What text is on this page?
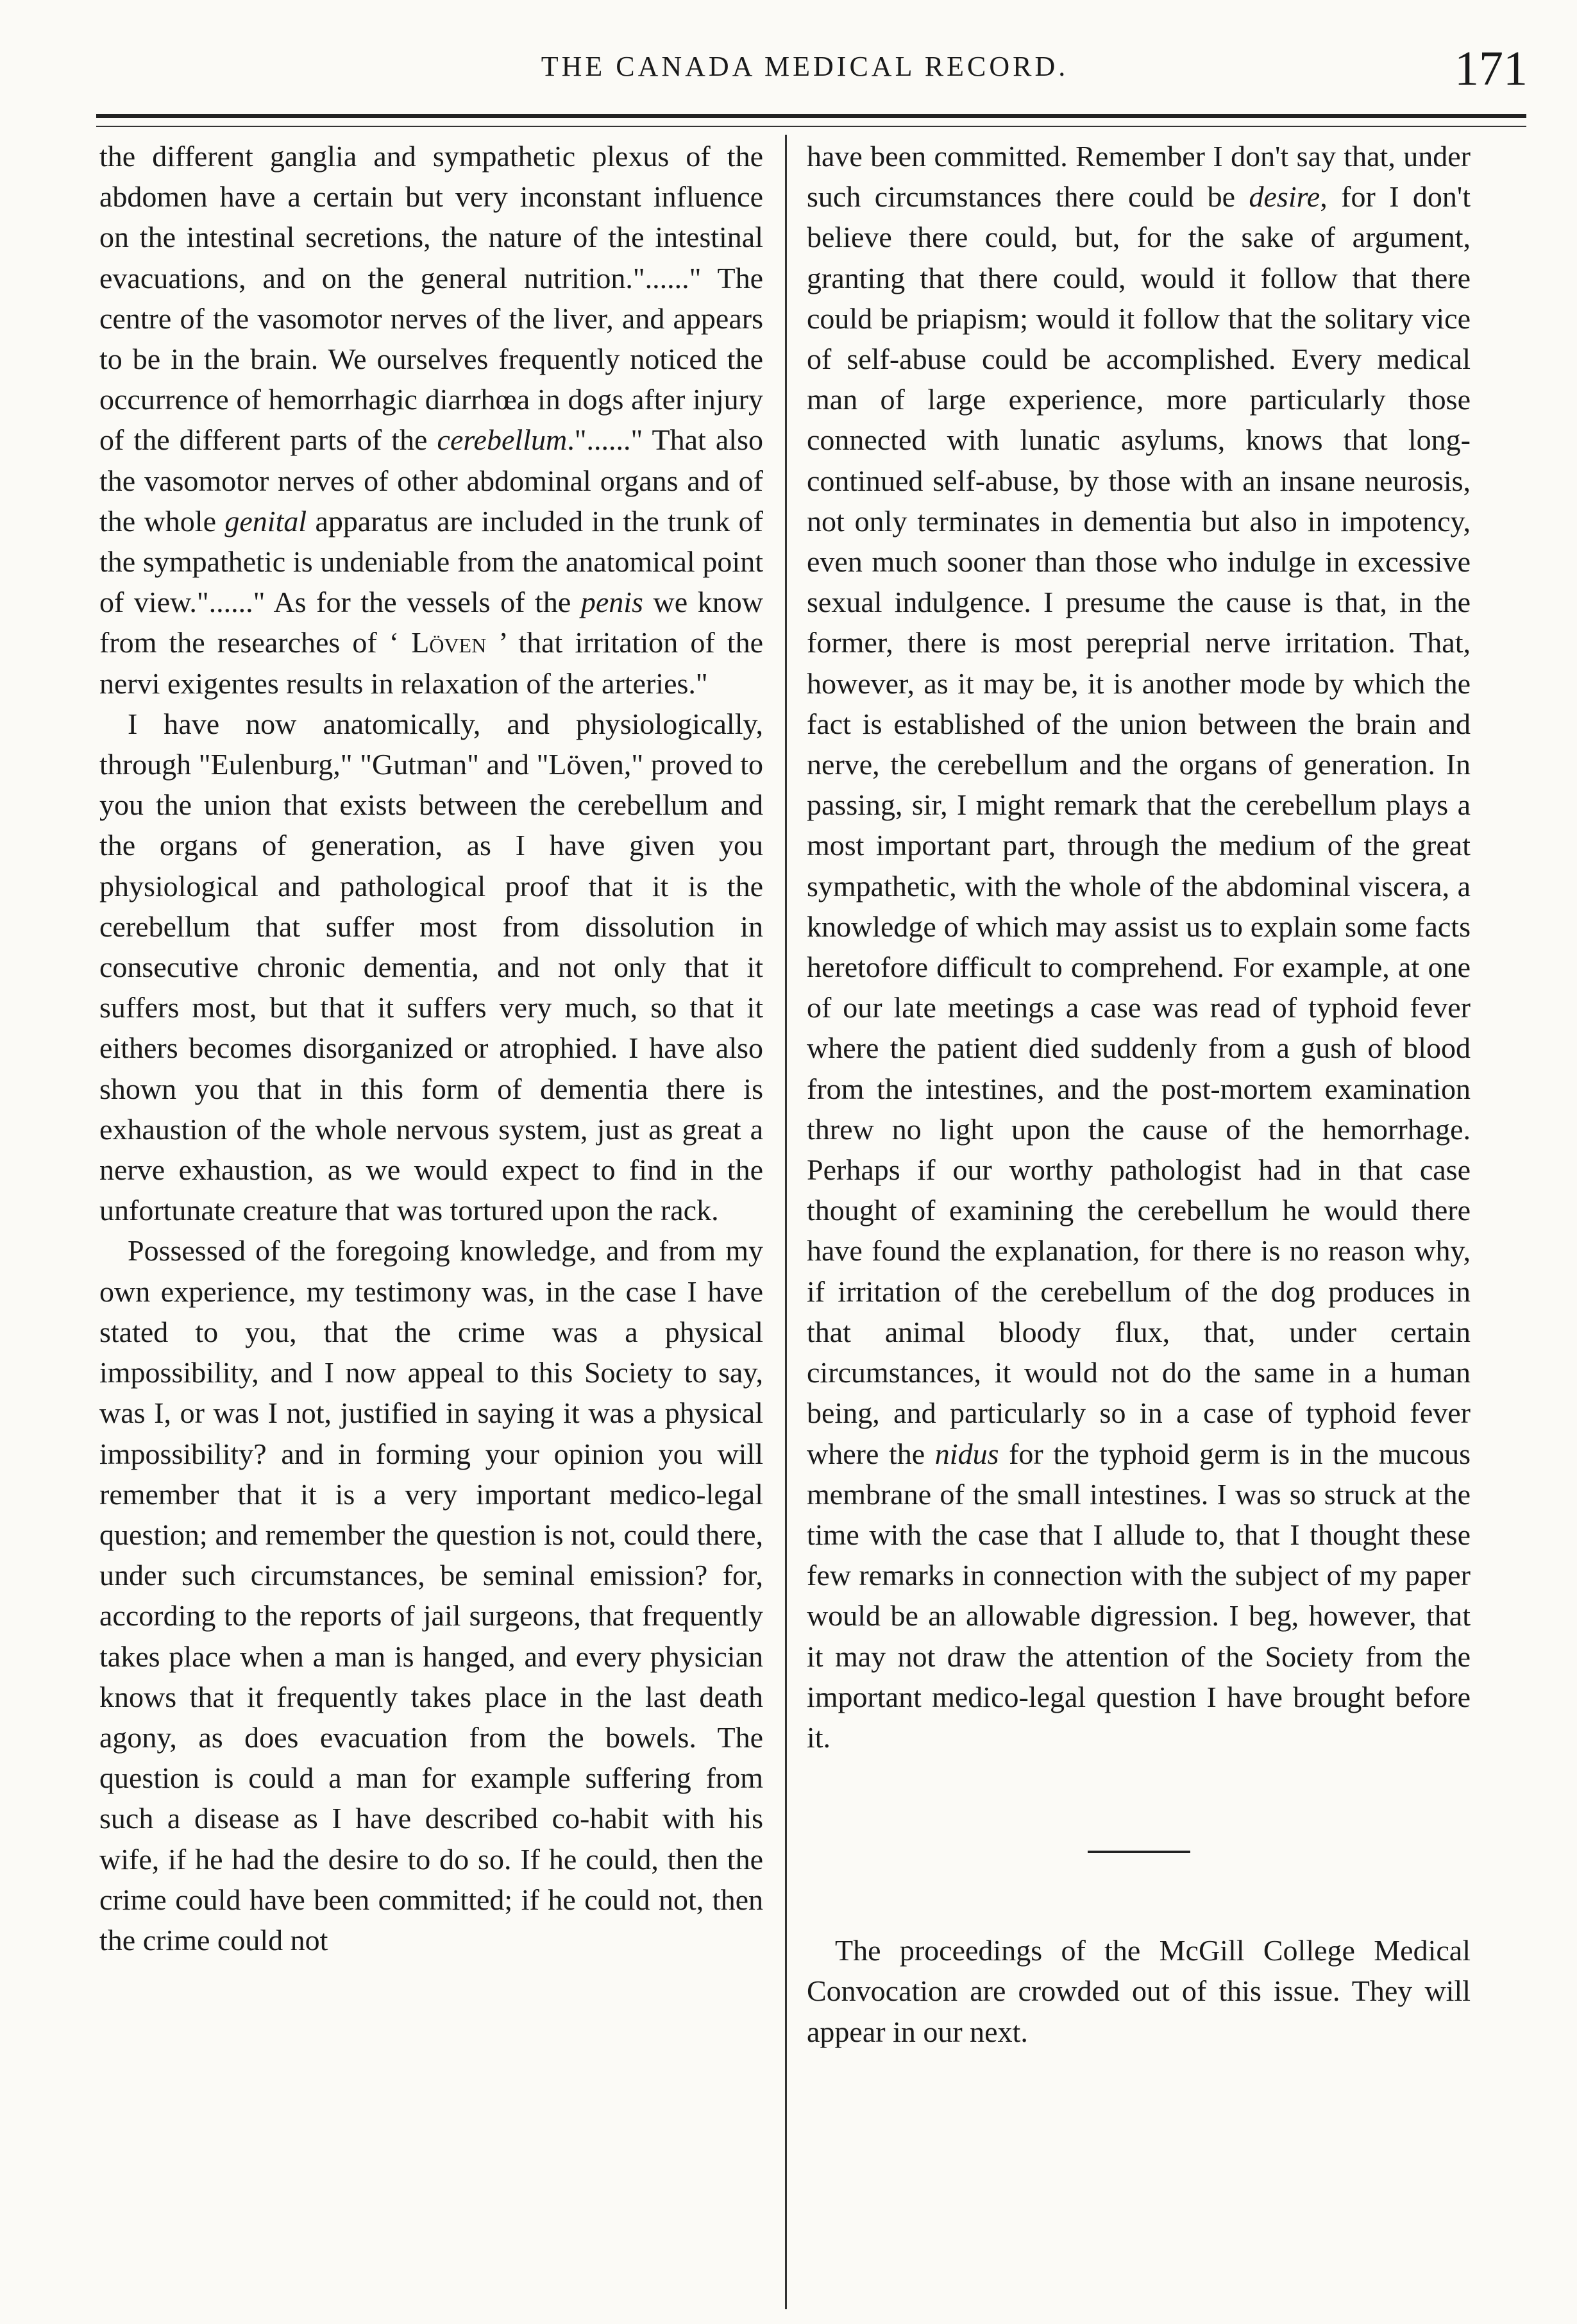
THE CANADA MEDICAL RECORD.	171

the different ganglia and sympathetic plexus of the abdomen have a certain but very inconstant influence on the intestinal secretions, the nature of the intestinal evacuations, and on the general nutrition."......" The centre of the vasomotor nerves of the liver, and appears to be in the brain. We ourselves frequently noticed the occurrence of hemorrhagic diarrhœa in dogs after injury of the different parts of the cerebellum."......" That also the vasomotor nerves of other abdominal organs and of the whole genital apparatus are included in the trunk of the sympathetic is undeniable from the anatomical point of view."......" As for the vessels of the penis we know from the researches of ‘ Löven ’ that irritation of the nervi exigentes results in relaxation of the arteries."

I have now anatomically, and physiologically, through "Eulenburg," "Gutman" and "Löven," proved to you the union that exists between the cerebellum and the organs of generation, as I have given you physiological and pathological proof that it is the cerebellum that suffer most from dissolution in consecutive chronic dementia, and not only that it suffers most, but that it suffers very much, so that it eithers becomes disorganized or atrophied. I have also shown you that in this form of dementia there is exhaustion of the whole nervous system, just as great a nerve exhaustion, as we would expect to find in the unfortunate creature that was tortured upon the rack.

Possessed of the foregoing knowledge, and from my own experience, my testimony was, in the case I have stated to you, that the crime was a physical impossibility, and I now appeal to this Society to say, was I, or was I not, justified in saying it was a physical impossibility? and in forming your opinion you will remember that it is a very important medico-legal question; and remember the question is not, could there, under such circumstances, be seminal emission? for, according to the reports of jail surgeons, that frequently takes place when a man is hanged, and every physician knows that it frequently takes place in the last death agony, as does evacuation from the bowels. The question is could a man for example suffering from such a disease as I have described co-habit with his wife, if he had the desire to do so. If he could, then the crime could have been committed; if he could not, then the crime could not

have been committed. Remember I don't say that, under such circumstances there could be desire, for I don't believe there could, but, for the sake of argument, granting that there could, would it follow that there could be priapism; would it follow that the solitary vice of self-abuse could be accomplished. Every medical man of large experience, more particularly those connected with lunatic asylums, knows that long-continued self-abuse, by those with an insane neurosis, not only terminates in dementia but also in impotency, even much sooner than those who indulge in excessive sexual indulgence. I presume the cause is that, in the former, there is most pereprial nerve irritation. That, however, as it may be, it is another mode by which the fact is established of the union between the brain and nerve, the cerebellum and the organs of generation. In passing, sir, I might remark that the cerebellum plays a most important part, through the medium of the great sympathetic, with the whole of the abdominal viscera, a knowledge of which may assist us to explain some facts heretofore difficult to comprehend. For example, at one of our late meetings a case was read of typhoid fever where the patient died suddenly from a gush of blood from the intestines, and the post-mortem examination threw no light upon the cause of the hemorrhage. Perhaps if our worthy pathologist had in that case thought of examining the cerebellum he would there have found the explanation, for there is no reason why, if irritation of the cerebellum of the dog produces in that animal bloody flux, that, under certain circumstances, it would not do the same in a human being, and particularly so in a case of typhoid fever where the nidus for the typhoid germ is in the mucous membrane of the small intestines. I was so struck at the time with the case that I allude to, that I thought these few remarks in connection with the subject of my paper would be an allowable digression. I beg, however, that it may not draw the attention of the Society from the important medico-legal question I have brought before it.

The proceedings of the McGill College Medical Convocation are crowded out of this issue. They will appear in our next.
